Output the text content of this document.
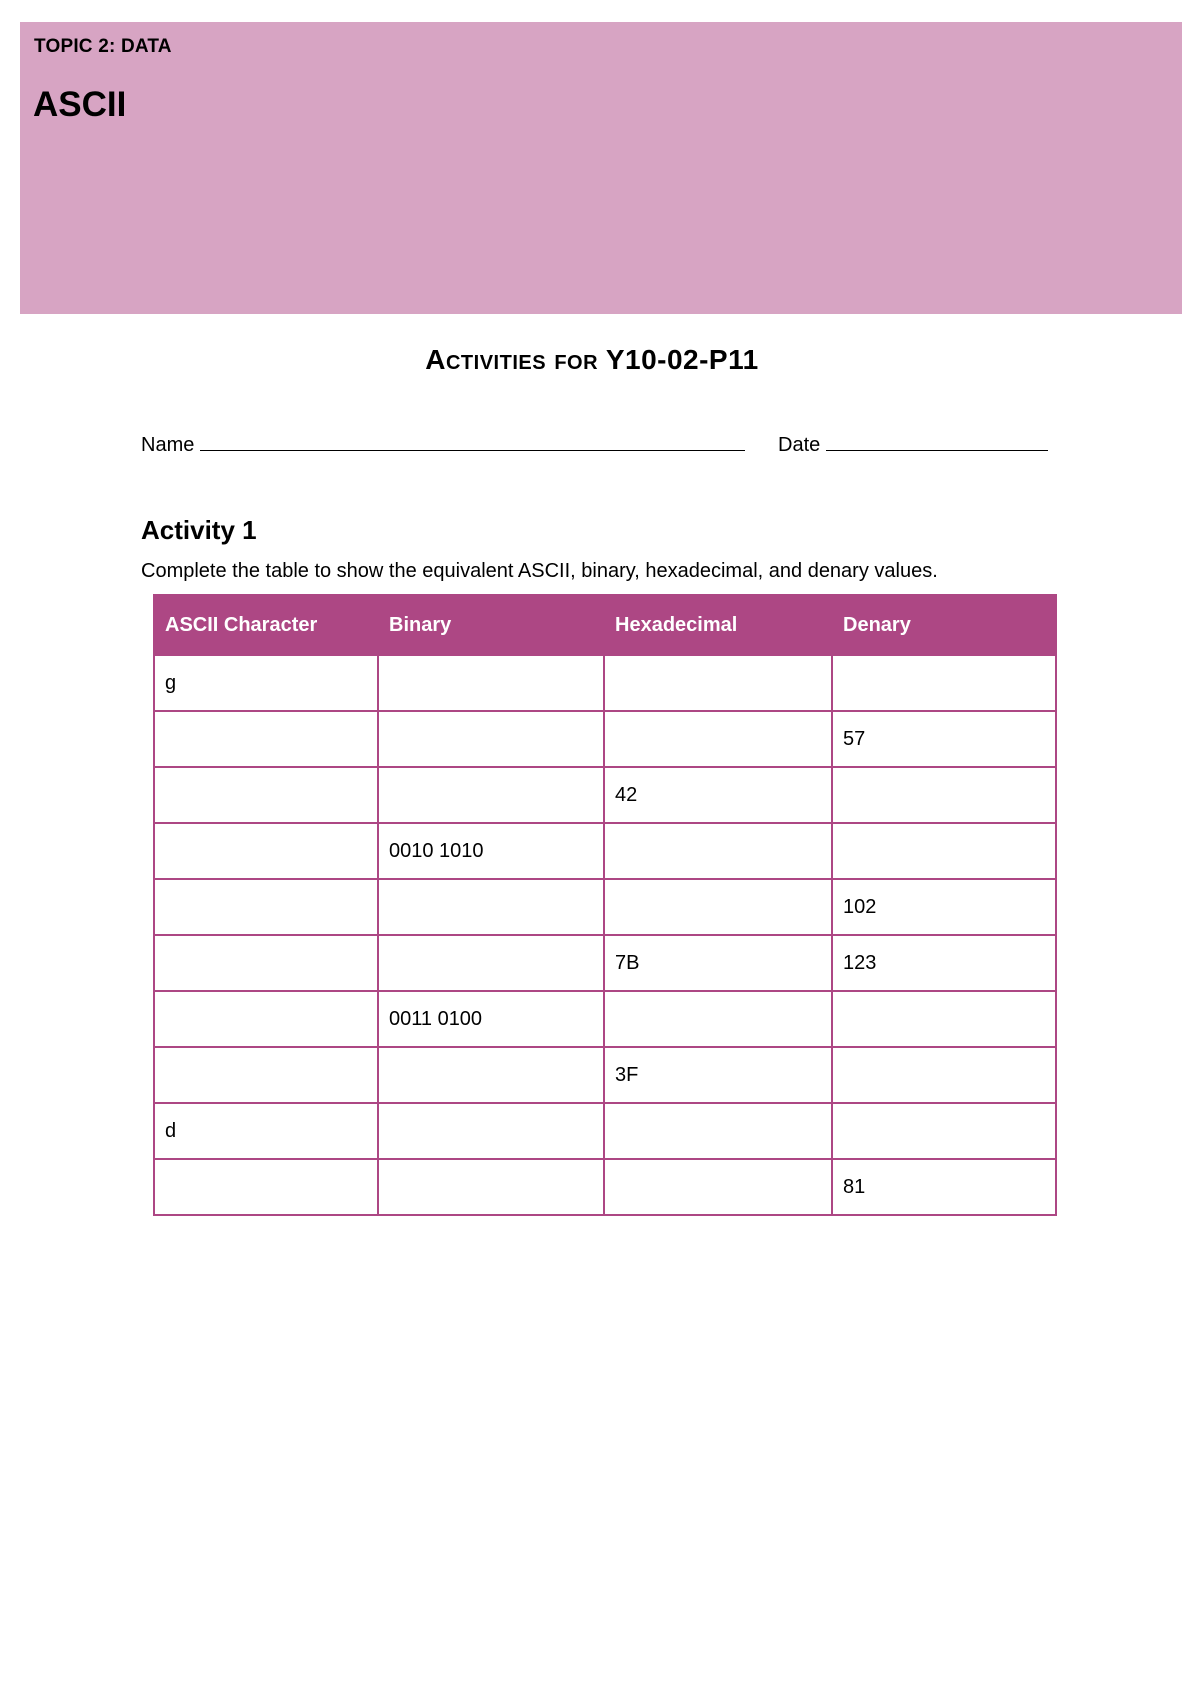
TOPIC 2: DATA
ASCII
Activities for Y10-02-P11
Name	Date
Activity 1
Complete the table to show the equivalent ASCII, binary, hexadecimal, and denary values.
ASCII Character	Binary	Hexadecimal	Denary
g			
			57
		42	
	0010 1010		
			102
		7B	123
	0011 0100		
		3F	
d			
			81
